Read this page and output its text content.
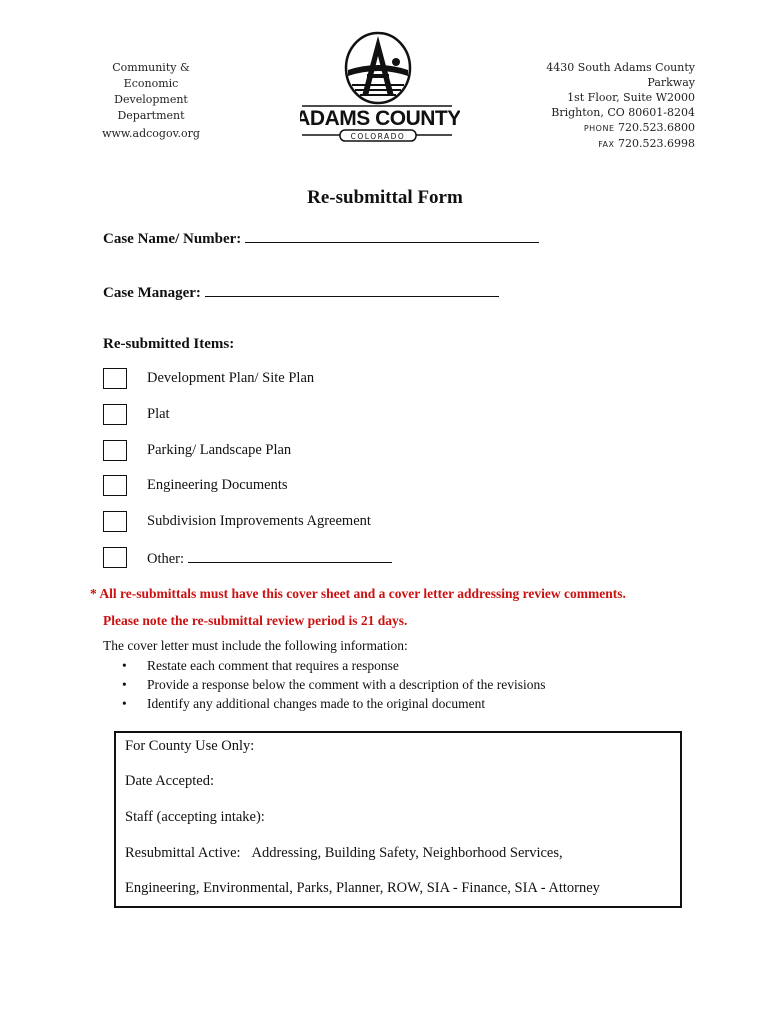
Community & Economic
Development Department
www.adcogov.org
ADAMS COUNTY
COLORADO
4430 South Adams County Parkway
1st Floor, Suite W2000
Brighton, CO 80601-8204
PHONE 720.523.6800
FAX 720.523.6998
Re-submittal Form
Case Name/ Number:
Case Manager:
Re-submitted Items:
Development Plan/ Site Plan
Plat
Parking/ Landscape Plan
Engineering Documents
Subdivision Improvements Agreement
Other:
* All re-submittals must have this cover sheet and a cover letter addressing review comments.
Please note the re-submittal review period is 21 days.
The cover letter must include the following information:
• Restate each comment that requires a response
• Provide a response below the comment with a description of the revisions
• Identify any additional changes made to the original document
For County Use Only:
Date Accepted:
Staff (accepting intake):
Resubmittal Active: Addressing, Building Safety, Neighborhood Services,
Engineering, Environmental, Parks, Planner, ROW, SIA - Finance, SIA - Attorney
